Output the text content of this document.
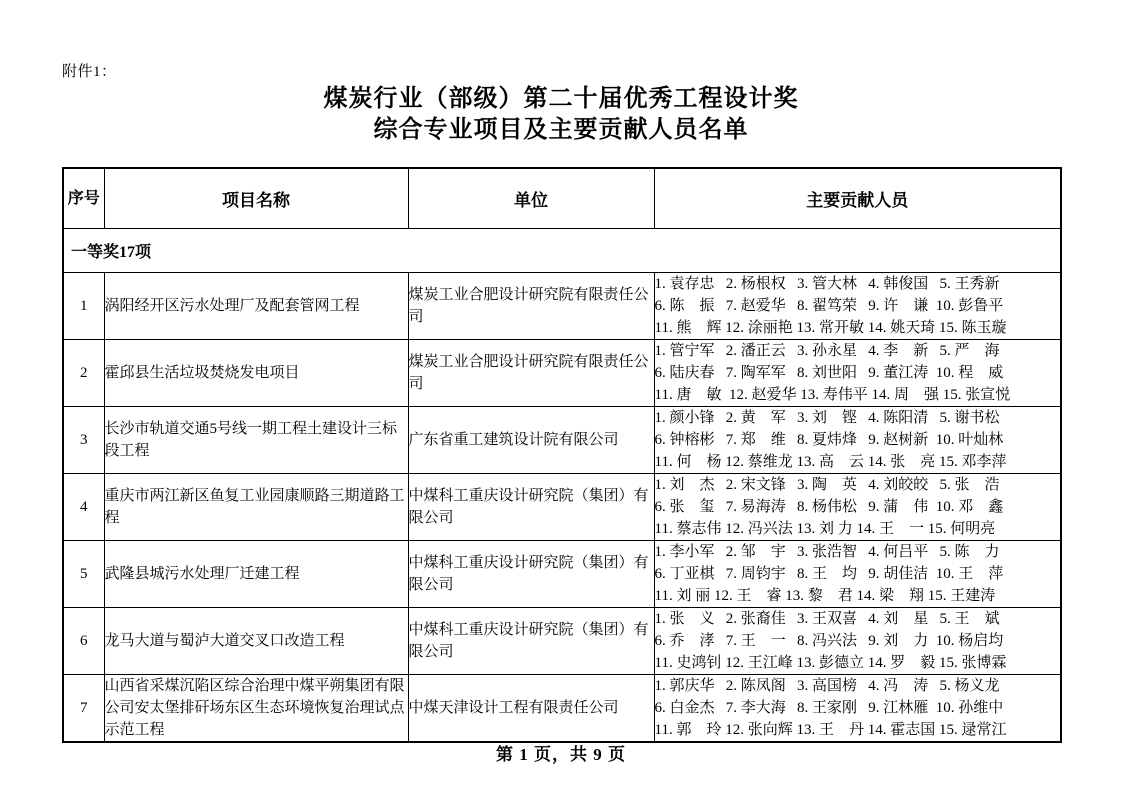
附件1：
煤炭行业（部级）第二十届优秀工程设计奖
综合专业项目及主要贡献人员名单
序号	项目名称	单位	主要贡献人员
一等奖17项			
1	涡阳经开区污水处理厂及配套管网工程	煤炭工业合肥设计研究院有限责任公司	1. 袁存忠   2. 杨根权   3. 管大林   4. 韩俊国   5. 王秀新
6. 陈　振   7. 赵爱华   8. 翟笃荣   9. 许　谦  10. 彭鲁平
11. 熊　辉 12. 涂丽艳 13. 常开敏 14. 姚天琦 15. 陈玉璇

2	霍邱县生活垃圾焚烧发电项目	煤炭工业合肥设计研究院有限责任公司	1. 管宁军   2. 潘正云   3. 孙永星   4. 李　新   5. 严　海
6. 陆庆春   7. 陶军军   8. 刘世阳   9. 董江涛  10. 程　威
11. 唐　敏  12. 赵爱华 13. 寿伟平 14. 周　强 15. 张宣悦

3	长沙市轨道交通5号线一期工程土建设计三标段工程	广东省重工建筑设计院有限公司	1. 颜小锋   2. 黄　军   3. 刘　铿   4. 陈阳清   5. 谢书松
6. 钟榕彬   7. 郑　维   8. 夏炜烽   9. 赵树新  10. 叶灿林
11. 何　杨 12. 蔡维龙 13. 高　云 14. 张　亮 15. 邓李萍

4	重庆市两江新区鱼复工业园康顺路三期道路工程	中煤科工重庆设计研究院（集团）有限公司	1. 刘　杰   2. 宋文锋   3. 陶　英   4. 刘皎皎   5. 张　浩
6. 张　玺   7. 易海涛   8. 杨伟松   9. 蒲　伟  10. 邓　鑫
11. 蔡志伟 12. 冯兴法 13. 刘 力 14. 王　一 15. 何明亮

5	武隆县城污水处理厂迁建工程	中煤科工重庆设计研究院（集团）有限公司	1. 李小军   2. 邹　宇   3. 张浩智   4. 何吕平   5. 陈　力
6. 丁亚棋   7. 周钧宇   8. 王　均   9. 胡佳洁  10. 王　萍
11. 刘 丽 12. 王　睿 13. 黎　君 14. 梁　翔 15. 王建涛

6	龙马大道与蜀泸大道交叉口改造工程	中煤科工重庆设计研究院（集团）有限公司	1. 张　义   2. 张裔佳   3. 王双喜   4. 刘　星   5. 王　斌
6. 乔　涍   7. 王　一   8. 冯兴法   9. 刘　力  10. 杨启均
11. 史鸿钊 12. 王江峰 13. 彭德立 14. 罗　毅 15. 张博霖

7	山西省采煤沉陷区综合治理中煤平朔集团有限公司安太堡排矸场东区生态环境恢复治理试点示范工程	中煤天津设计工程有限责任公司	1. 郭庆华   2. 陈凤阁   3. 高国榜   4. 冯　涛   5. 杨义龙
6. 白金杰   7. 李大海   8. 王家刚   9. 江林雁  10. 孙维中
11. 郭　玲 12. 张向辉 13. 王　丹 14. 霍志国 15. 逯常江
第 1 页，共 9 页
